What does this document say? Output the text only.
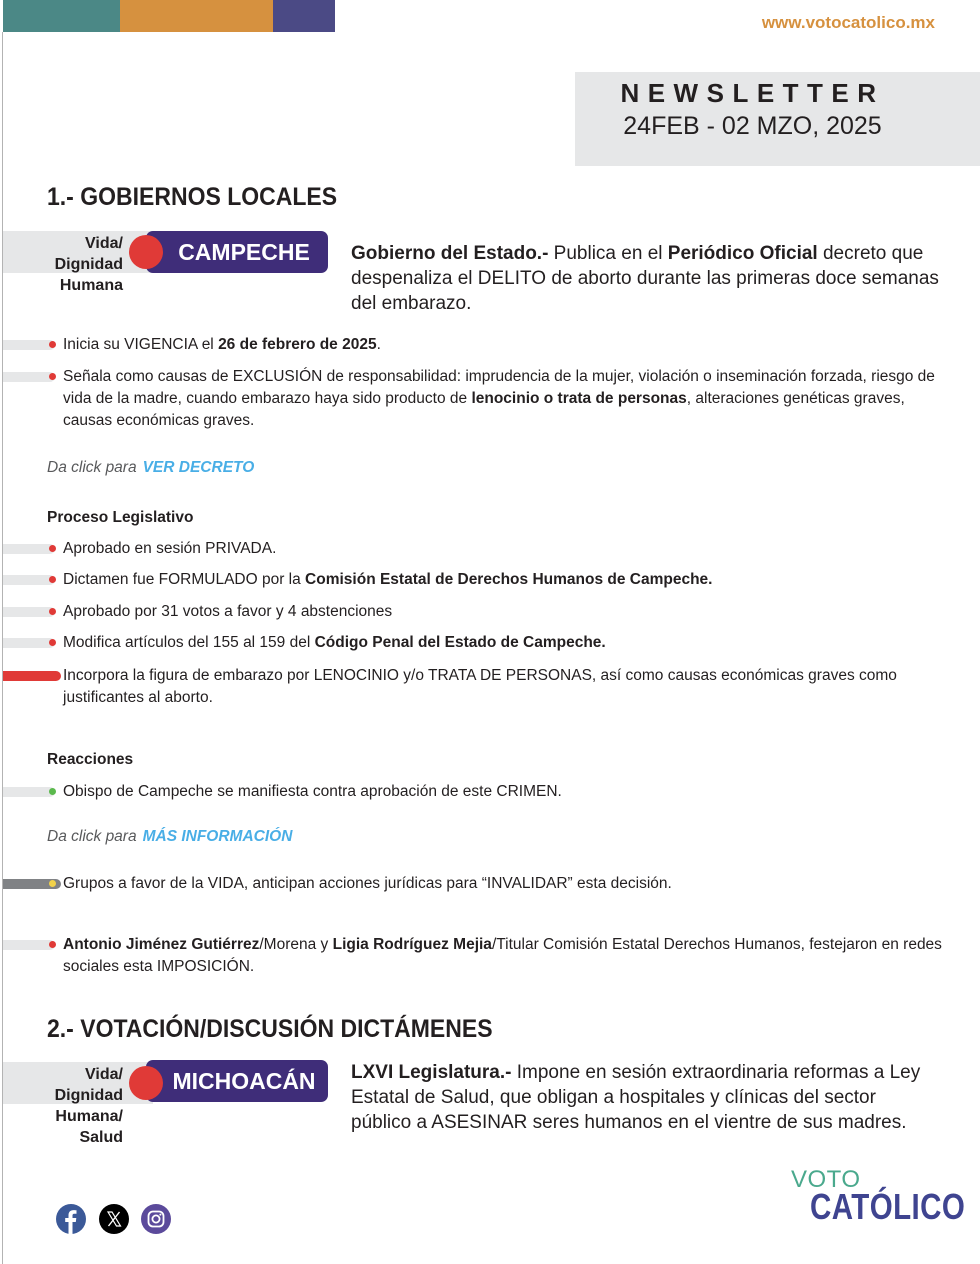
www.votocatolico.mx
NEWSLETTER
24FEB - 02 MZO, 2025
1.- GOBIERNOS LOCALES
Vida/
Dignidad
Humana
CAMPECHE Gobierno del Estado.- Publica en el Periódico Oficial decreto que despenaliza el DELITO de aborto durante las primeras doce semanas del embarazo.
Inicia su VIGENCIA el 26 de febrero de 2025.
Señala como causas de EXCLUSIÓN de responsabilidad: imprudencia de la mujer, violación o inseminación forzada, riesgo de vida de la madre, cuando embarazo haya sido producto de lenocinio o trata de personas, alteraciones genéticas graves, causas económicas graves.
Da click para VER DECRETO
Proceso Legislativo
Aprobado en sesión PRIVADA.
Dictamen fue FORMULADO por la Comisión Estatal de Derechos Humanos de Campeche.
Aprobado por 31 votos a favor y 4 abstenciones
Modifica artículos del 155 al 159 del Código Penal del Estado de Campeche.
Incorpora la figura de embarazo por LENOCINIO y/o TRATA DE PERSONAS, así como causas económicas graves como justificantes al aborto.
Reacciones
Obispo de Campeche se manifiesta contra aprobación de este CRIMEN.
Da click para MÁS INFORMACIÓN
Grupos a favor de la VIDA, anticipan acciones jurídicas para “INVALIDAR” esta decisión.
Antonio Jiménez Gutiérrez/Morena y Ligia Rodríguez Mejia/Titular Comisión Estatal Derechos Humanos, festejaron en redes sociales esta IMPOSICIÓN.
2.- VOTACIÓN/DISCUSIÓN DICTÁMENES
Vida/
Dignidad
Humana/
Salud
MICHOACÁN LXVI Legislatura.- Impone en sesión extraordinaria reformas a Ley Estatal de Salud, que obligan a hospitales y clínicas del sector público a ASESINAR seres humanos en el vientre de sus madres.
VOTO
CATÓLICO
